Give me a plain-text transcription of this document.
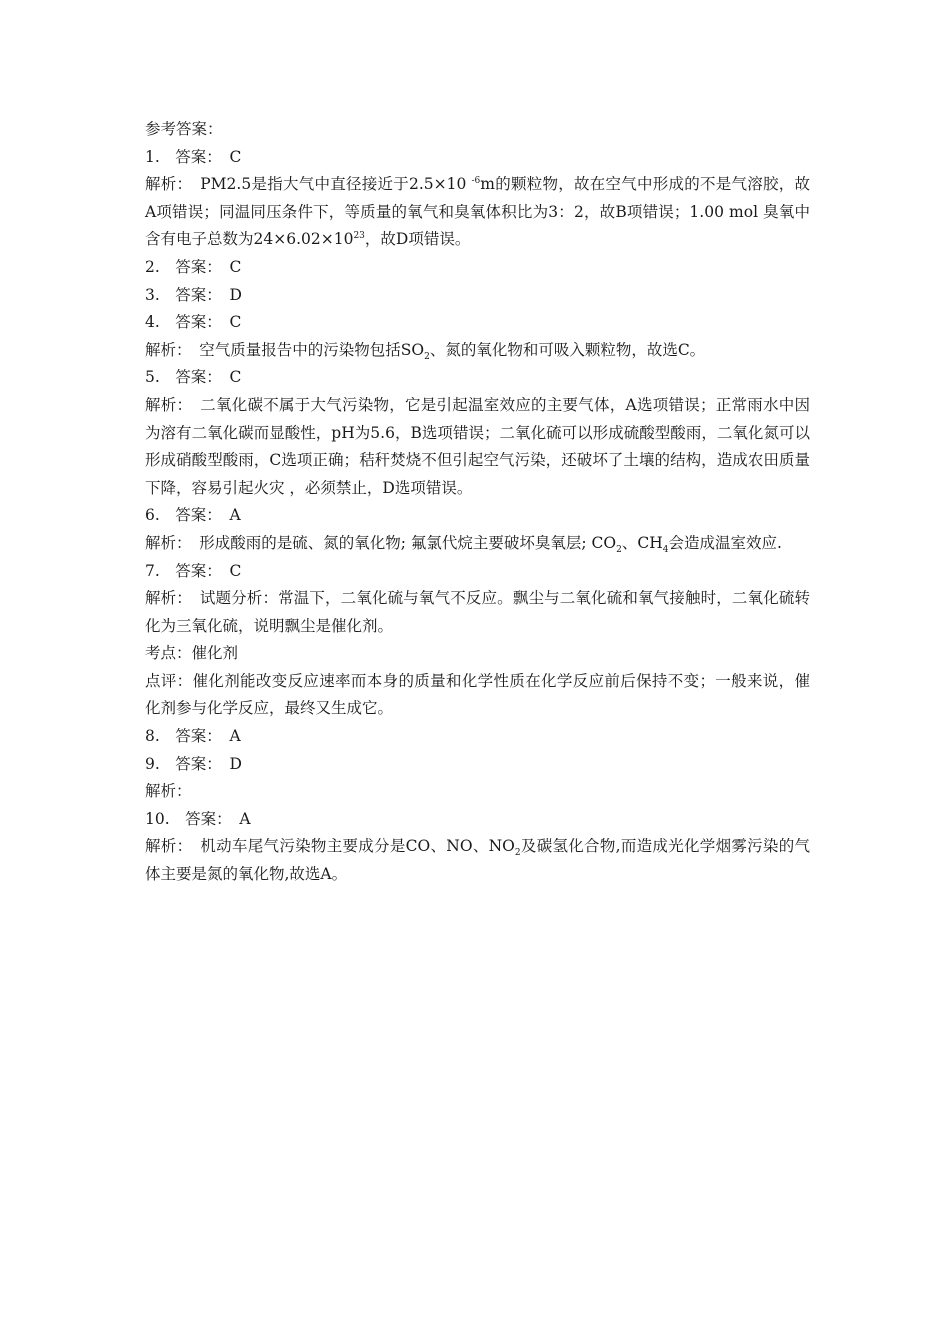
参考答案：
1.　答案：　C
解析：　PM2.5是指大气中直径接近于2.5×10 $^{-6}$m的颗粒物，故在空气中形成的不是气溶胶，故A项错误；同温同压条件下，等质量的氧气和臭氧体积比为3：2，故B项错误；1.00 mol 臭氧中含有电子总数为$24\times 6.02\times 10^{23}$，故D项错误。
2.　答案：　C
3.　答案：　D
4.　答案：　C
解析：　空气质量报告中的污染物包括$SO_2$、氮的氧化物和可吸入颗粒物，故选C。
5.　答案：　C
解析：　二氧化碳不属于大气污染物，它是引起温室效应的主要气体，A选项错误；正常雨水中因为溶有二氧化碳而显酸性，pH为5.6，B选项错误；二氧化硫可以形成硫酸型酸雨，二氧化氮可以形成硝酸型酸雨，C选项正确；秸秆焚烧不但引起空气污染，还破坏了土壤的结构，造成农田质量下降，容易引起火灾 ，必须禁止，D选项错误。
6.　答案：　A
解析：　形成酸雨的是硫、氮的氧化物; 氟氯代烷主要破坏臭氧层; $CO_2$、$CH_4$会造成温室效应.
7.　答案：　C
解析：　试题分析：常温下，二氧化硫与氧气不反应。飘尘与二氧化硫和氧气接触时，二氧化硫转化为三氧化硫，说明飘尘是催化剂。
考点：催化剂
点评：催化剂能改变反应速率而本身的质量和化学性质在化学反应前后保持不变；一般来说，催化剂参与化学反应，最终又生成它。
8.　答案：　A
9.　答案：　D
解析：
10.　答案：　A
解析：　机动车尾气污染物主要成分是CO、NO、$NO_2$及碳氢化合物,而造成光化学烟雾污染的气体主要是氮的氧化物,故选A。
